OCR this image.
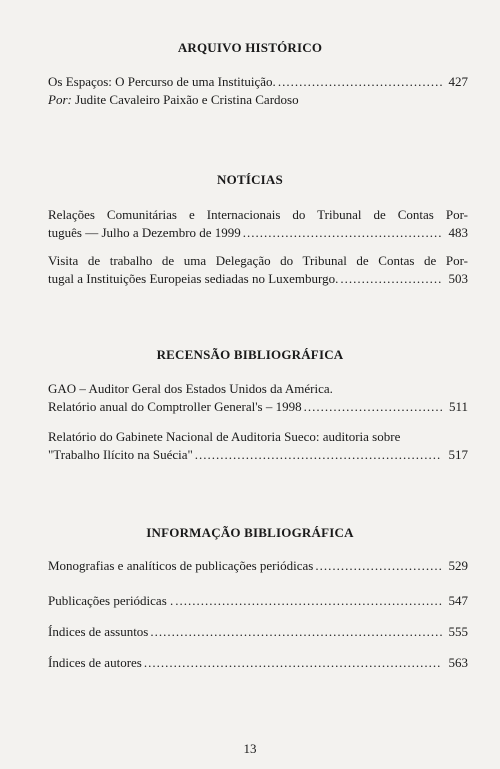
ARQUIVO HISTÓRICO
Os Espaços: O Percurso de uma Instituição. .....	427
Por: Judite Cavaleiro Paixão e Cristina Cardoso
NOTÍCIAS
Relações Comunitárias e Internacionais do Tribunal de Contas Por-
tuguês — Julho a Dezembro de 1999 .....	483
Visita de trabalho de uma Delegação do Tribunal de Contas de Por-
tugal a Instituições Europeias sediadas no Luxemburgo. .....	503
RECENSÃO BIBLIOGRÁFICA
GAO – Auditor Geral dos Estados Unidos da América.
Relatório anual do Comptroller General's – 1998 .....	511
Relatório do Gabinete Nacional de Auditoria Sueco: auditoria sobre
"Trabalho Ilícito na Suécia" .....	517
INFORMAÇÃO BIBLIOGRÁFICA
Monografias e analíticos de publicações periódicas .....	529
Publicações periódicas . .....	547
Índices de assuntos .....	555
Índices de autores .....	563
13
